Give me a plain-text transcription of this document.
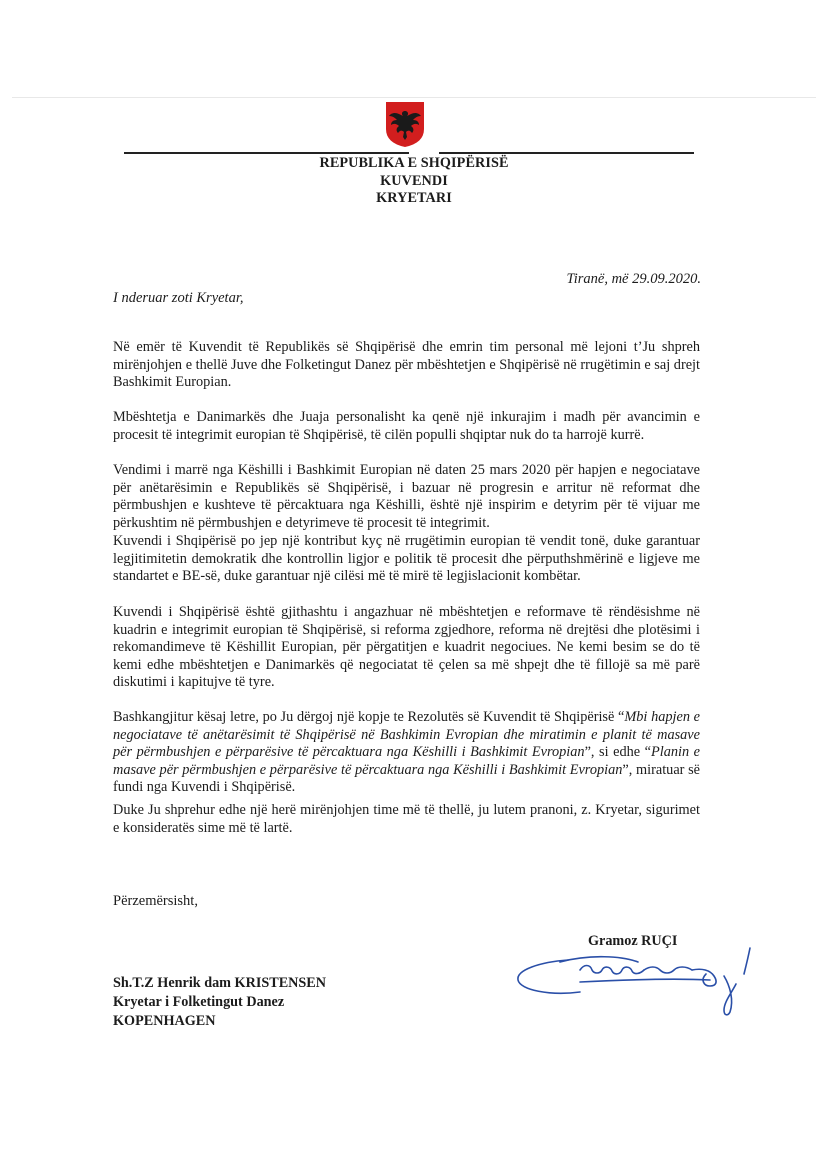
REPUBLIKA E SHQIPËRISË
KUVENDI
KRYETARI
Tiranë, më 29.09.2020.
I nderuar zoti Kryetar,

Në emër të Kuvendit të Republikës së Shqipërisë dhe emrin tim personal më lejoni t’Ju shpreh mirënjohjen e thellë Juve dhe Folketingut Danez për mbështetjen e Shqipërisë në rrugëtimin e saj drejt Bashkimit Europian.

Mbështetja e Danimarkës dhe Juaja personalisht ka qenë një inkurajim i madh për avancimin e procesit të integrimit europian të Shqipërisë, të cilën populli shqiptar nuk do ta harrojë kurrë.

Vendimi i marrë nga Këshilli i Bashkimit Europian në daten 25 mars 2020 për hapjen e negociatave për anëtarësimin e Republikës së Shqipërisë, i bazuar në progresin e arritur në reformat dhe përmbushjen e kushteve të përcaktuara nga Këshilli, është një inspirim e detyrim për të vijuar me përkushtim në përmbushjen e detyrimeve të procesit të integrimit.

Kuvendi i Shqipërisë po jep një kontribut kyç në rrugëtimin europian të vendit tonë, duke garantuar legjitimitetin demokratik dhe kontrollin ligjor e politik të procesit dhe përputhshmërinë e ligjeve me standartet e BE-së, duke garantuar një cilësi më të mirë të legjislacionit kombëtar.

Kuvendi i Shqipërisë është gjithashtu i angazhuar në mbështetjen e reformave të rëndësishme në kuadrin e integrimit europian të Shqipërisë, si reforma zgjedhore, reforma në drejtësi dhe plotësimi i rekomandimeve të Këshillit Europian, për përgatitjen e kuadrit negociues. Ne kemi besim se do të kemi edhe mbështetjen e Danimarkës që negociatat të çelen sa më shpejt dhe të fillojë sa më parë diskutimi i kapitujve të tyre.

Bashkangjitur kësaj letre, po Ju dërgoj një kopje te Rezolutës së Kuvendit të Shqipërisë “Mbi hapjen e negociatave të anëtarësimit të Shqipërisë në Bashkimin Evropian dhe miratimin e planit të masave për përmbushjen e përparësive të përcaktuara nga Këshilli i Bashkimit Evropian”, si edhe “Planin e masave për përmbushjen e përparësive të përcaktuara nga Këshilli i Bashkimit Evropian”, miratuar së fundi nga Kuvendi i Shqipërisë.

Duke Ju shprehur edhe një herë mirënjohjen time më të thellë, ju lutem pranoni, z. Kryetar, sigurimet e konsideratës sime më të lartë.

Përzemërsisht,
Gramoz RUÇI
Sh.T.Z Henrik dam KRISTENSEN
Kryetar i Folketingut Danez
KOPENHAGEN
